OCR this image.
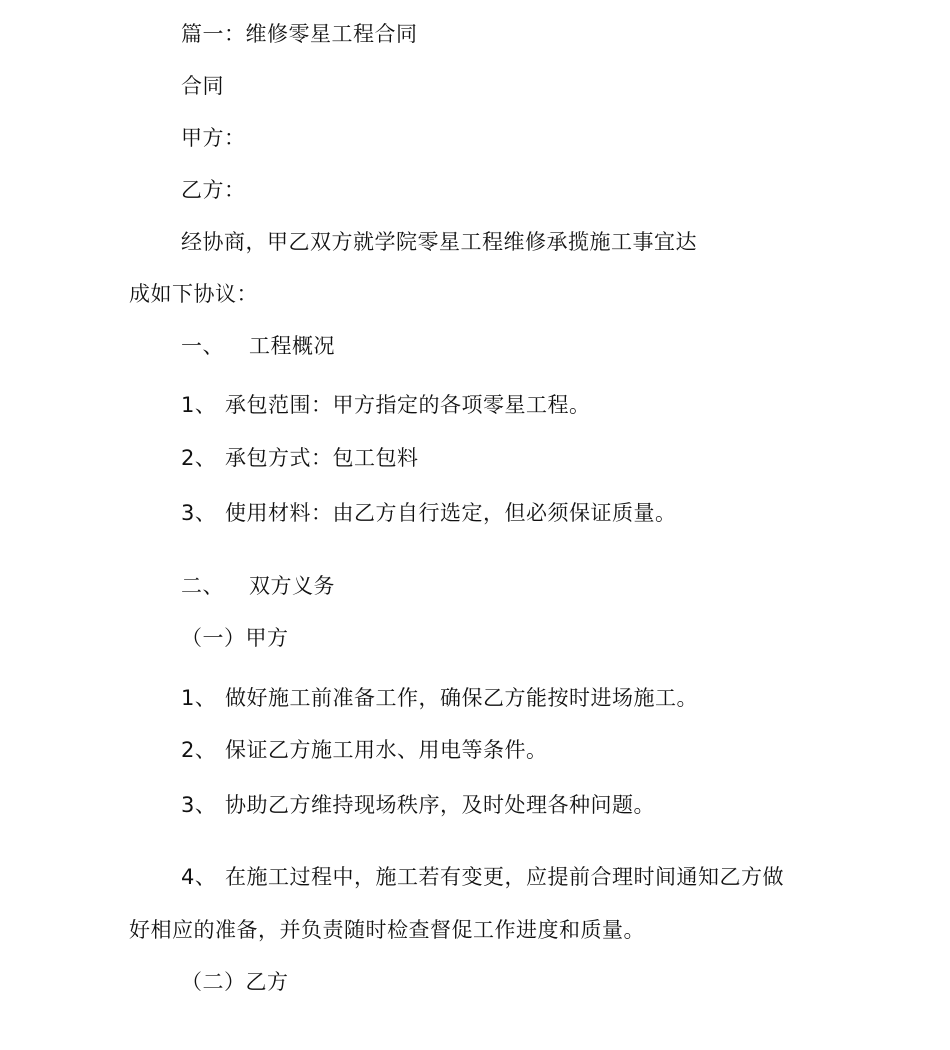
篇一：维修零星工程合同
合同
甲方：
乙方：
经协商，甲乙双方就学院零星工程维修承揽施工事宜达
成如下协议：
一、 工程概况
1、 承包范围：甲方指定的各项零星工程。
2、 承包方式：包工包料
3、 使用材料：由乙方自行选定，但必须保证质量。
二、 双方义务
（一）甲方
1、 做好施工前准备工作，确保乙方能按时进场施工。
2、 保证乙方施工用水、用电等条件。
3、 协助乙方维持现场秩序，及时处理各种问题。
4、 在施工过程中，施工若有变更，应提前合理时间通知乙方做
好相应的准备，并负责随时检查督促工作进度和质量。
（二）乙方
